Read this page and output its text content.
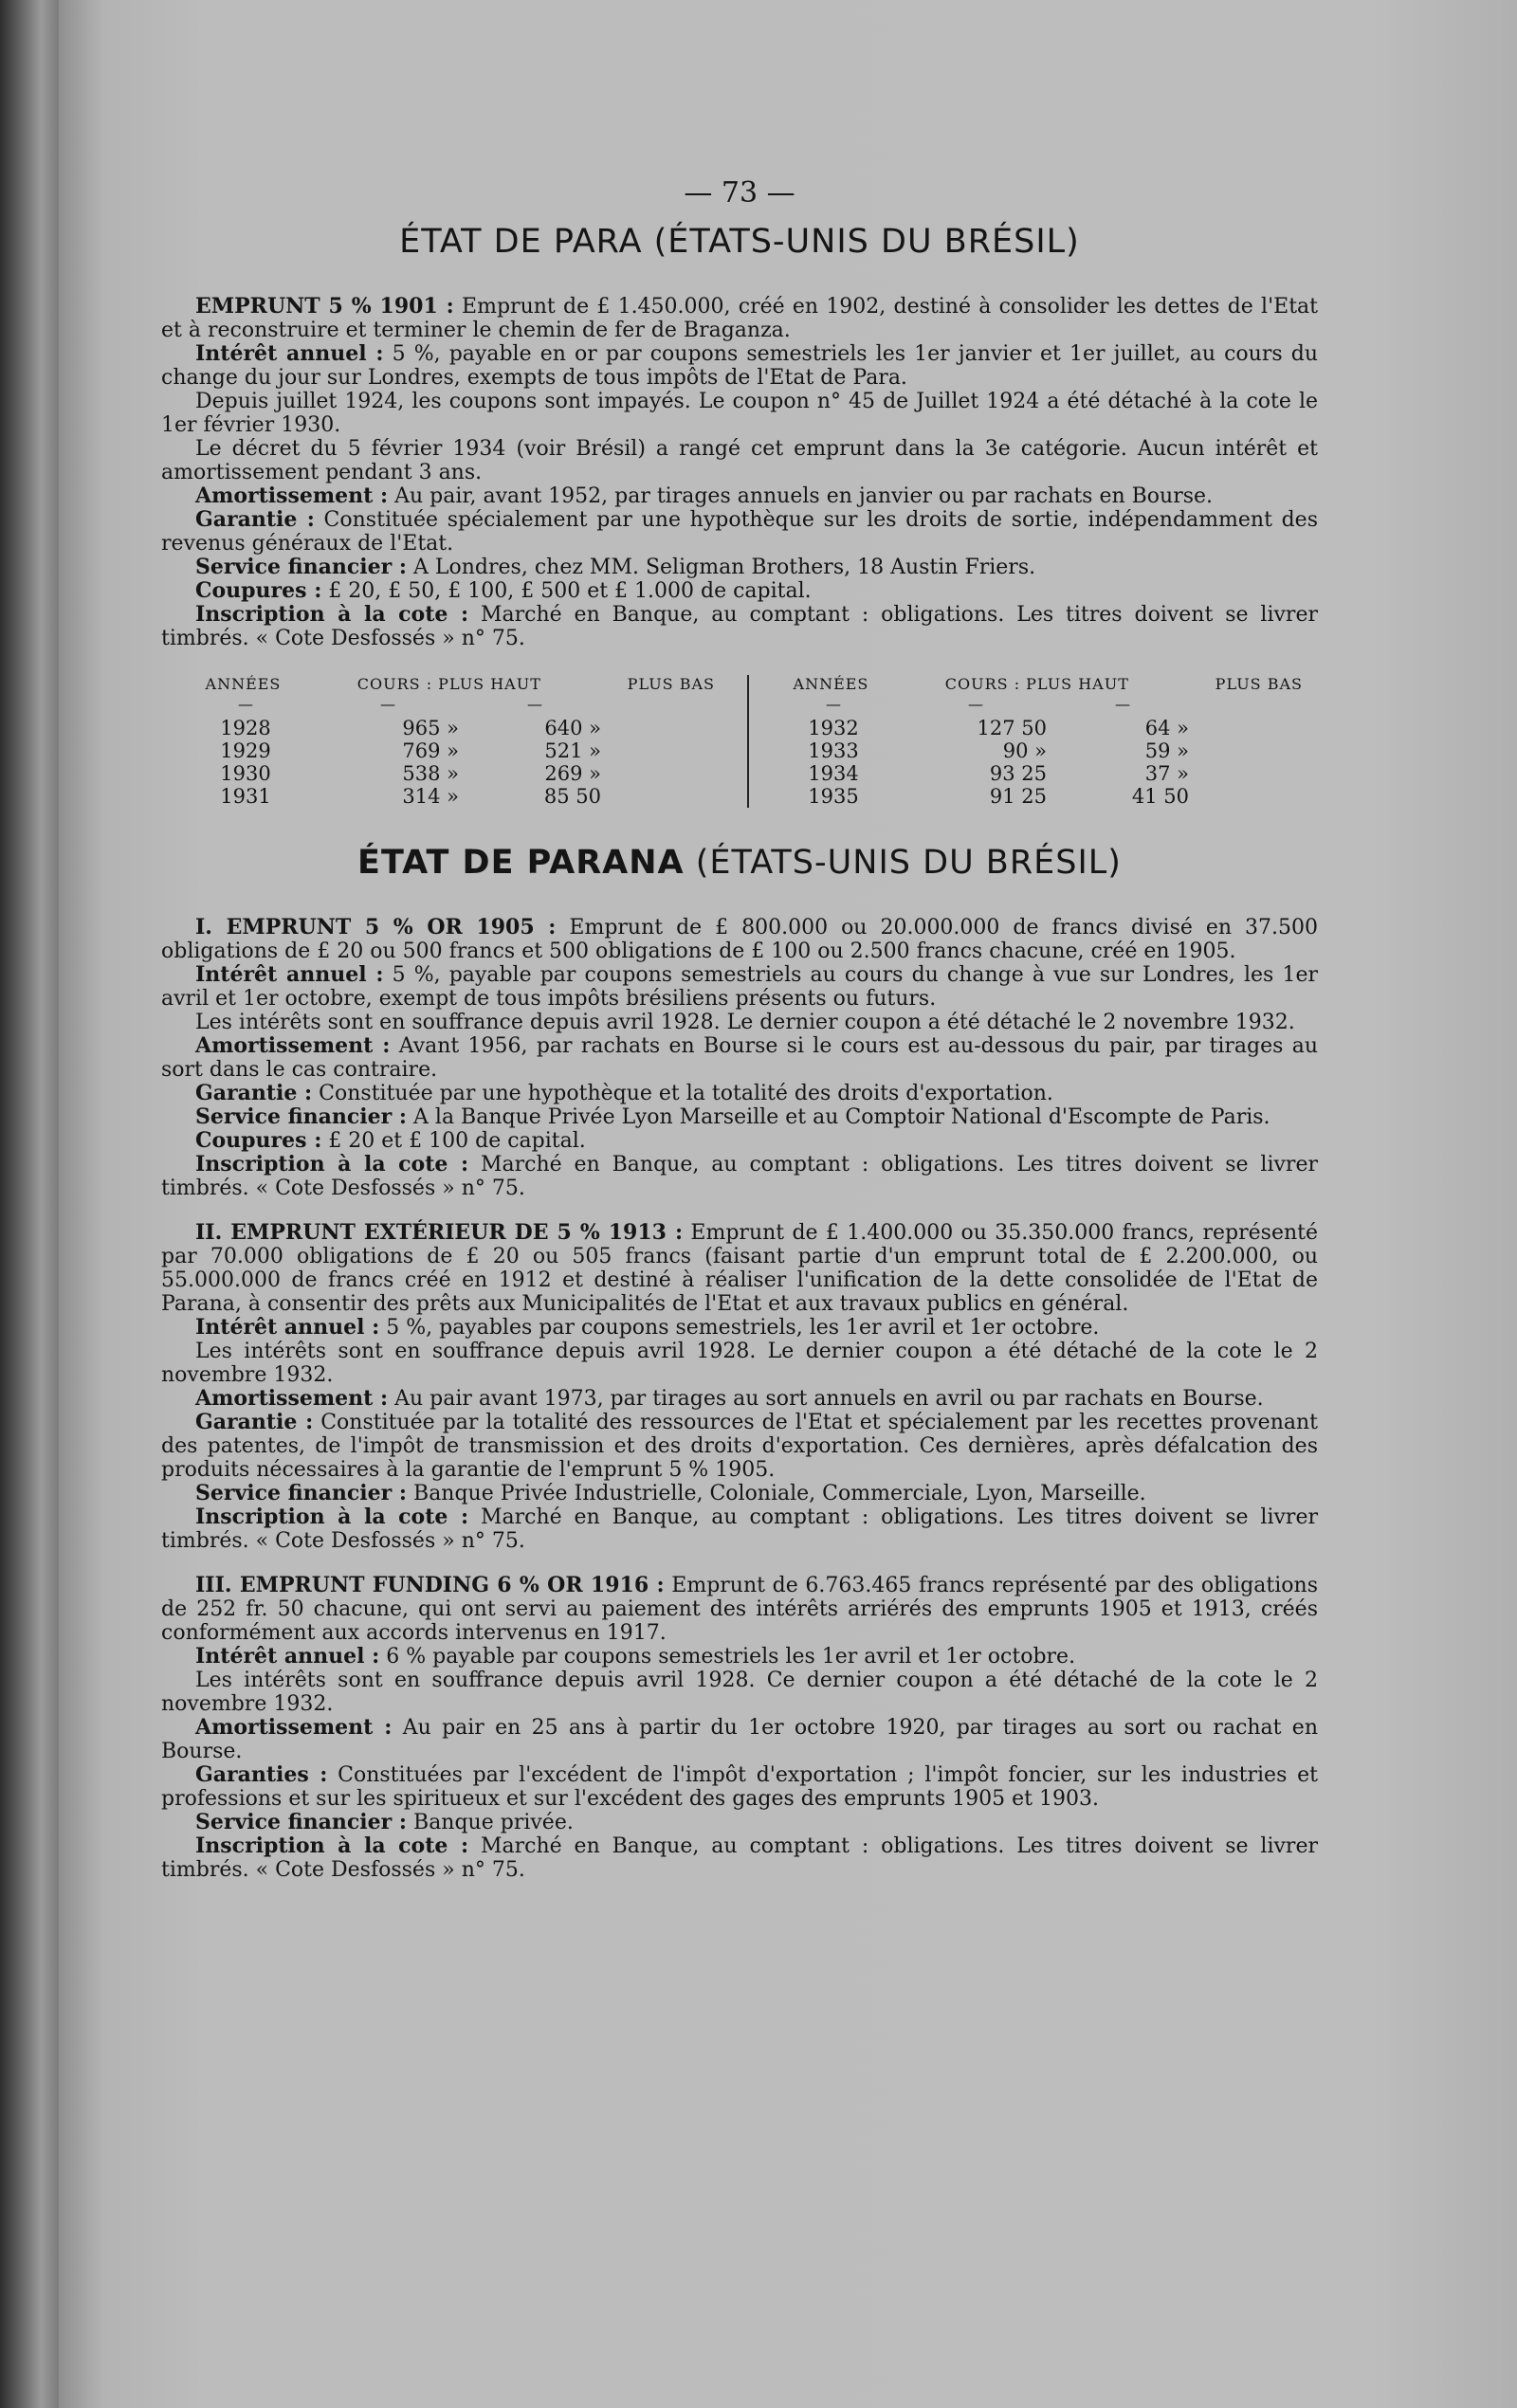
— 73 —
ÉTAT DE PARA (ÉTATS-UNIS DU BRÉSIL)

EMPRUNT 5 % 1901 : Emprunt de £ 1.450.000, créé en 1902, destiné à consolider les dettes de l'Etat et à reconstruire et terminer le chemin de fer de Braganza.

Intérêt annuel : 5 %, payable en or par coupons semestriels les 1er janvier et 1er juillet, au cours du change du jour sur Londres, exempts de tous impôts de l'Etat de Para.

Depuis juillet 1924, les coupons sont impayés. Le coupon n° 45 de Juillet 1924 a été détaché à la cote le 1er février 1930.

Le décret du 5 février 1934 (voir Brésil) a rangé cet emprunt dans la 3e catégorie. Aucun intérêt et amortissement pendant 3 ans.

Amortissement : Au pair, avant 1952, par tirages annuels en janvier ou par rachats en Bourse.

Garantie : Constituée spécialement par une hypothèque sur les droits de sortie, indépendamment des revenus généraux de l'Etat.

Service financier : A Londres, chez MM. Seligman Brothers, 18 Austin Friers.

Coupures : £ 20, £ 50, £ 100, £ 500 et £ 1.000 de capital.

Inscription à la cote : Marché en Banque, au comptant : obligations. Les titres doivent se livrer timbrés. « Cote Desfossés » n° 75.

ANNÉES	COURS : PLUS HAUT	PLUS BAS
—	—	—
1928	965 »	640 »
1929	769 »	521 »
1930	538 »	269 »
1931	314 »	85 50
ANNÉES	COURS : PLUS HAUT	PLUS BAS
—	—	—
1932	127 50	64 »
1933	90 »	59 »
1934	93 25	37 »
1935	91 25	41 50
ÉTAT DE PARANA (ÉTATS-UNIS DU BRÉSIL)

I. EMPRUNT 5 % OR 1905 : Emprunt de £ 800.000 ou 20.000.000 de francs divisé en 37.500 obligations de £ 20 ou 500 francs et 500 obligations de £ 100 ou 2.500 francs chacune, créé en 1905.

Intérêt annuel : 5 %, payable par coupons semestriels au cours du change à vue sur Londres, les 1er avril et 1er octobre, exempt de tous impôts brésiliens présents ou futurs.

Les intérêts sont en souffrance depuis avril 1928. Le dernier coupon a été détaché le 2 novembre 1932.

Amortissement : Avant 1956, par rachats en Bourse si le cours est au-dessous du pair, par tirages au sort dans le cas contraire.

Garantie : Constituée par une hypothèque et la totalité des droits d'exportation.

Service financier : A la Banque Privée Lyon Marseille et au Comptoir National d'Escompte de Paris.

Coupures : £ 20 et £ 100 de capital.

Inscription à la cote : Marché en Banque, au comptant : obligations. Les titres doivent se livrer timbrés. « Cote Desfossés » n° 75.

II. EMPRUNT EXTÉRIEUR DE 5 % 1913 : Emprunt de £ 1.400.000 ou 35.350.000 francs, représenté par 70.000 obligations de £ 20 ou 505 francs (faisant partie d'un emprunt total de £ 2.200.000, ou 55.000.000 de francs créé en 1912 et destiné à réaliser l'unification de la dette consolidée de l'Etat de Parana, à consentir des prêts aux Municipalités de l'Etat et aux travaux publics en général.

Intérêt annuel : 5 %, payables par coupons semestriels, les 1er avril et 1er octobre.

Les intérêts sont en souffrance depuis avril 1928. Le dernier coupon a été détaché de la cote le 2 novembre 1932.

Amortissement : Au pair avant 1973, par tirages au sort annuels en avril ou par rachats en Bourse.

Garantie : Constituée par la totalité des ressources de l'Etat et spécialement par les recettes provenant des patentes, de l'impôt de transmission et des droits d'exportation. Ces dernières, après défalcation des produits nécessaires à la garantie de l'emprunt 5 % 1905.

Service financier : Banque Privée Industrielle, Coloniale, Commerciale, Lyon, Marseille.

Inscription à la cote : Marché en Banque, au comptant : obligations. Les titres doivent se livrer timbrés. « Cote Desfossés » n° 75.

III. EMPRUNT FUNDING 6 % OR 1916 : Emprunt de 6.763.465 francs représenté par des obligations de 252 fr. 50 chacune, qui ont servi au paiement des intérêts arriérés des emprunts 1905 et 1913, créés conformément aux accords intervenus en 1917.

Intérêt annuel : 6 % payable par coupons semestriels les 1er avril et 1er octobre.

Les intérêts sont en souffrance depuis avril 1928. Ce dernier coupon a été détaché de la cote le 2 novembre 1932.

Amortissement : Au pair en 25 ans à partir du 1er octobre 1920, par tirages au sort ou rachat en Bourse.

Garanties : Constituées par l'excédent de l'impôt d'exportation ; l'impôt foncier, sur les industries et professions et sur les spiritueux et sur l'excédent des gages des emprunts 1905 et 1903.

Service financier : Banque privée.

Inscription à la cote : Marché en Banque, au comptant : obligations. Les titres doivent se livrer timbrés. « Cote Desfossés » n° 75.
